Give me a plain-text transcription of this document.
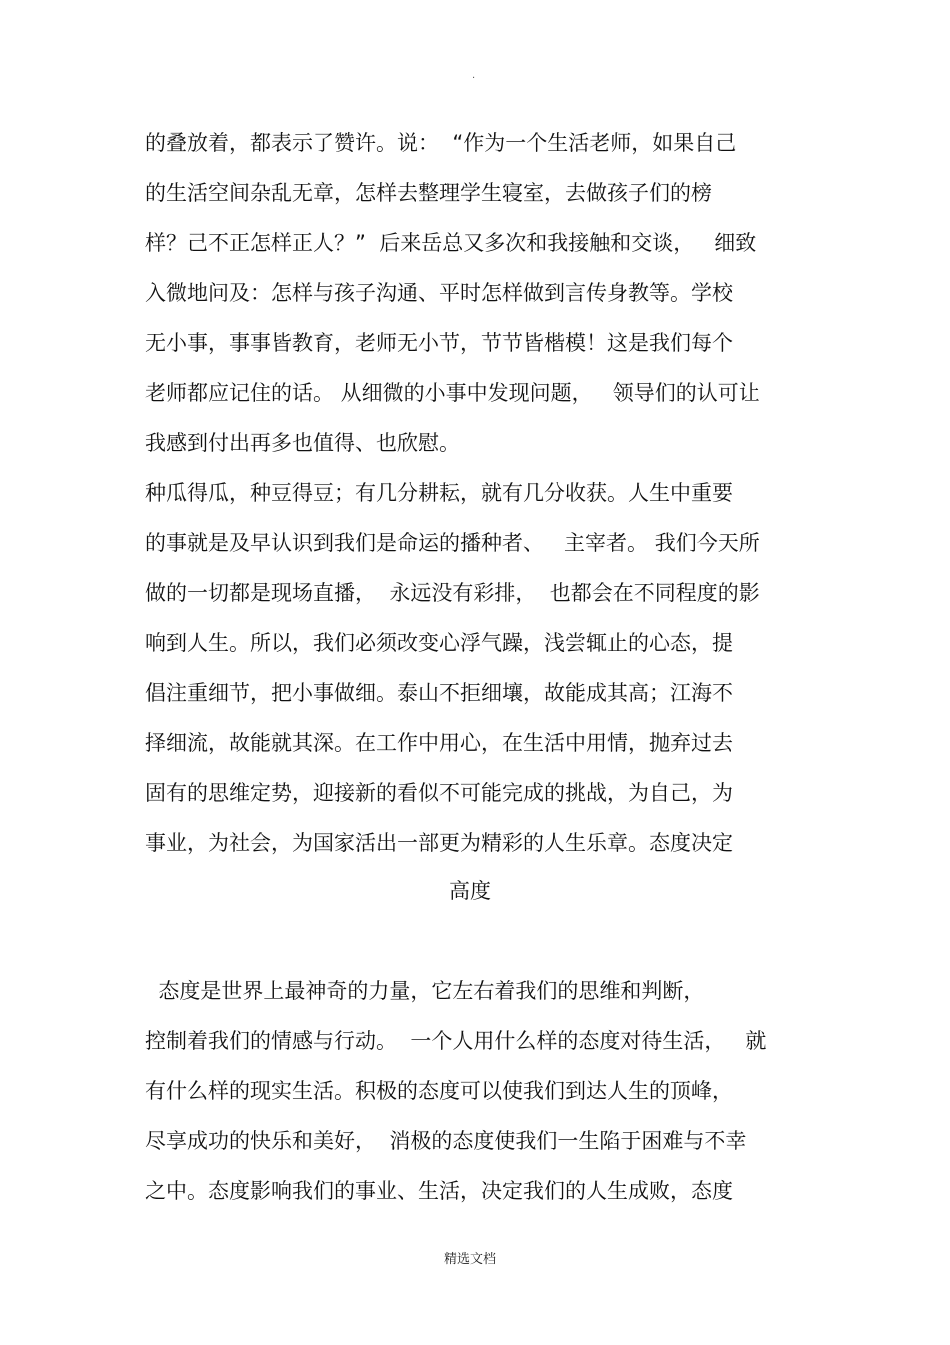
.
的叠放着，都表示了赞许。说：  “作为一个生活老师，如果自己
的生活空间杂乱无章，怎样去整理学生寝室，去做孩子们的榜
样？己不正怎样正人？”  后来岳总又多次和我接触和交谈，   细致
入微地问及：怎样与孩子沟通、平时怎样做到言传身教等。学校
无小事，事事皆教育，老师无小节，节节皆楷模！这是我们每个
老师都应记住的话。 从细微的小事中发现问题，   领导们的认可让
我感到付出再多也值得、也欣慰。
种瓜得瓜，种豆得豆；有几分耕耘，就有几分收获。人生中重要
的事就是及早认识到我们是命运的播种者、   主宰者。 我们今天所
做的一切都是现场直播，  永远没有彩排，  也都会在不同程度的影
响到人生。所以，我们必须改变心浮气躁，浅尝辄止的心态，提
倡注重细节，把小事做细。泰山不拒细壤，故能成其高；江海不
择细流，故能就其深。在工作中用心，在生活中用情，抛弃过去
固有的思维定势，迎接新的看似不可能完成的挑战，为自己，为
事业，为社会，为国家活出一部更为精彩的人生乐章。态度决定
高度
态度是世界上最神奇的力量，它左右着我们的思维和判断，
控制着我们的情感与行动。  一个人用什么样的态度对待生活，   就
有什么样的现实生活。积极的态度可以使我们到达人生的顶峰，
尽享成功的快乐和美好，  消极的态度使我们一生陷于困难与不幸
之中。态度影响我们的事业、生活，决定我们的人生成败，态度
精选文档
